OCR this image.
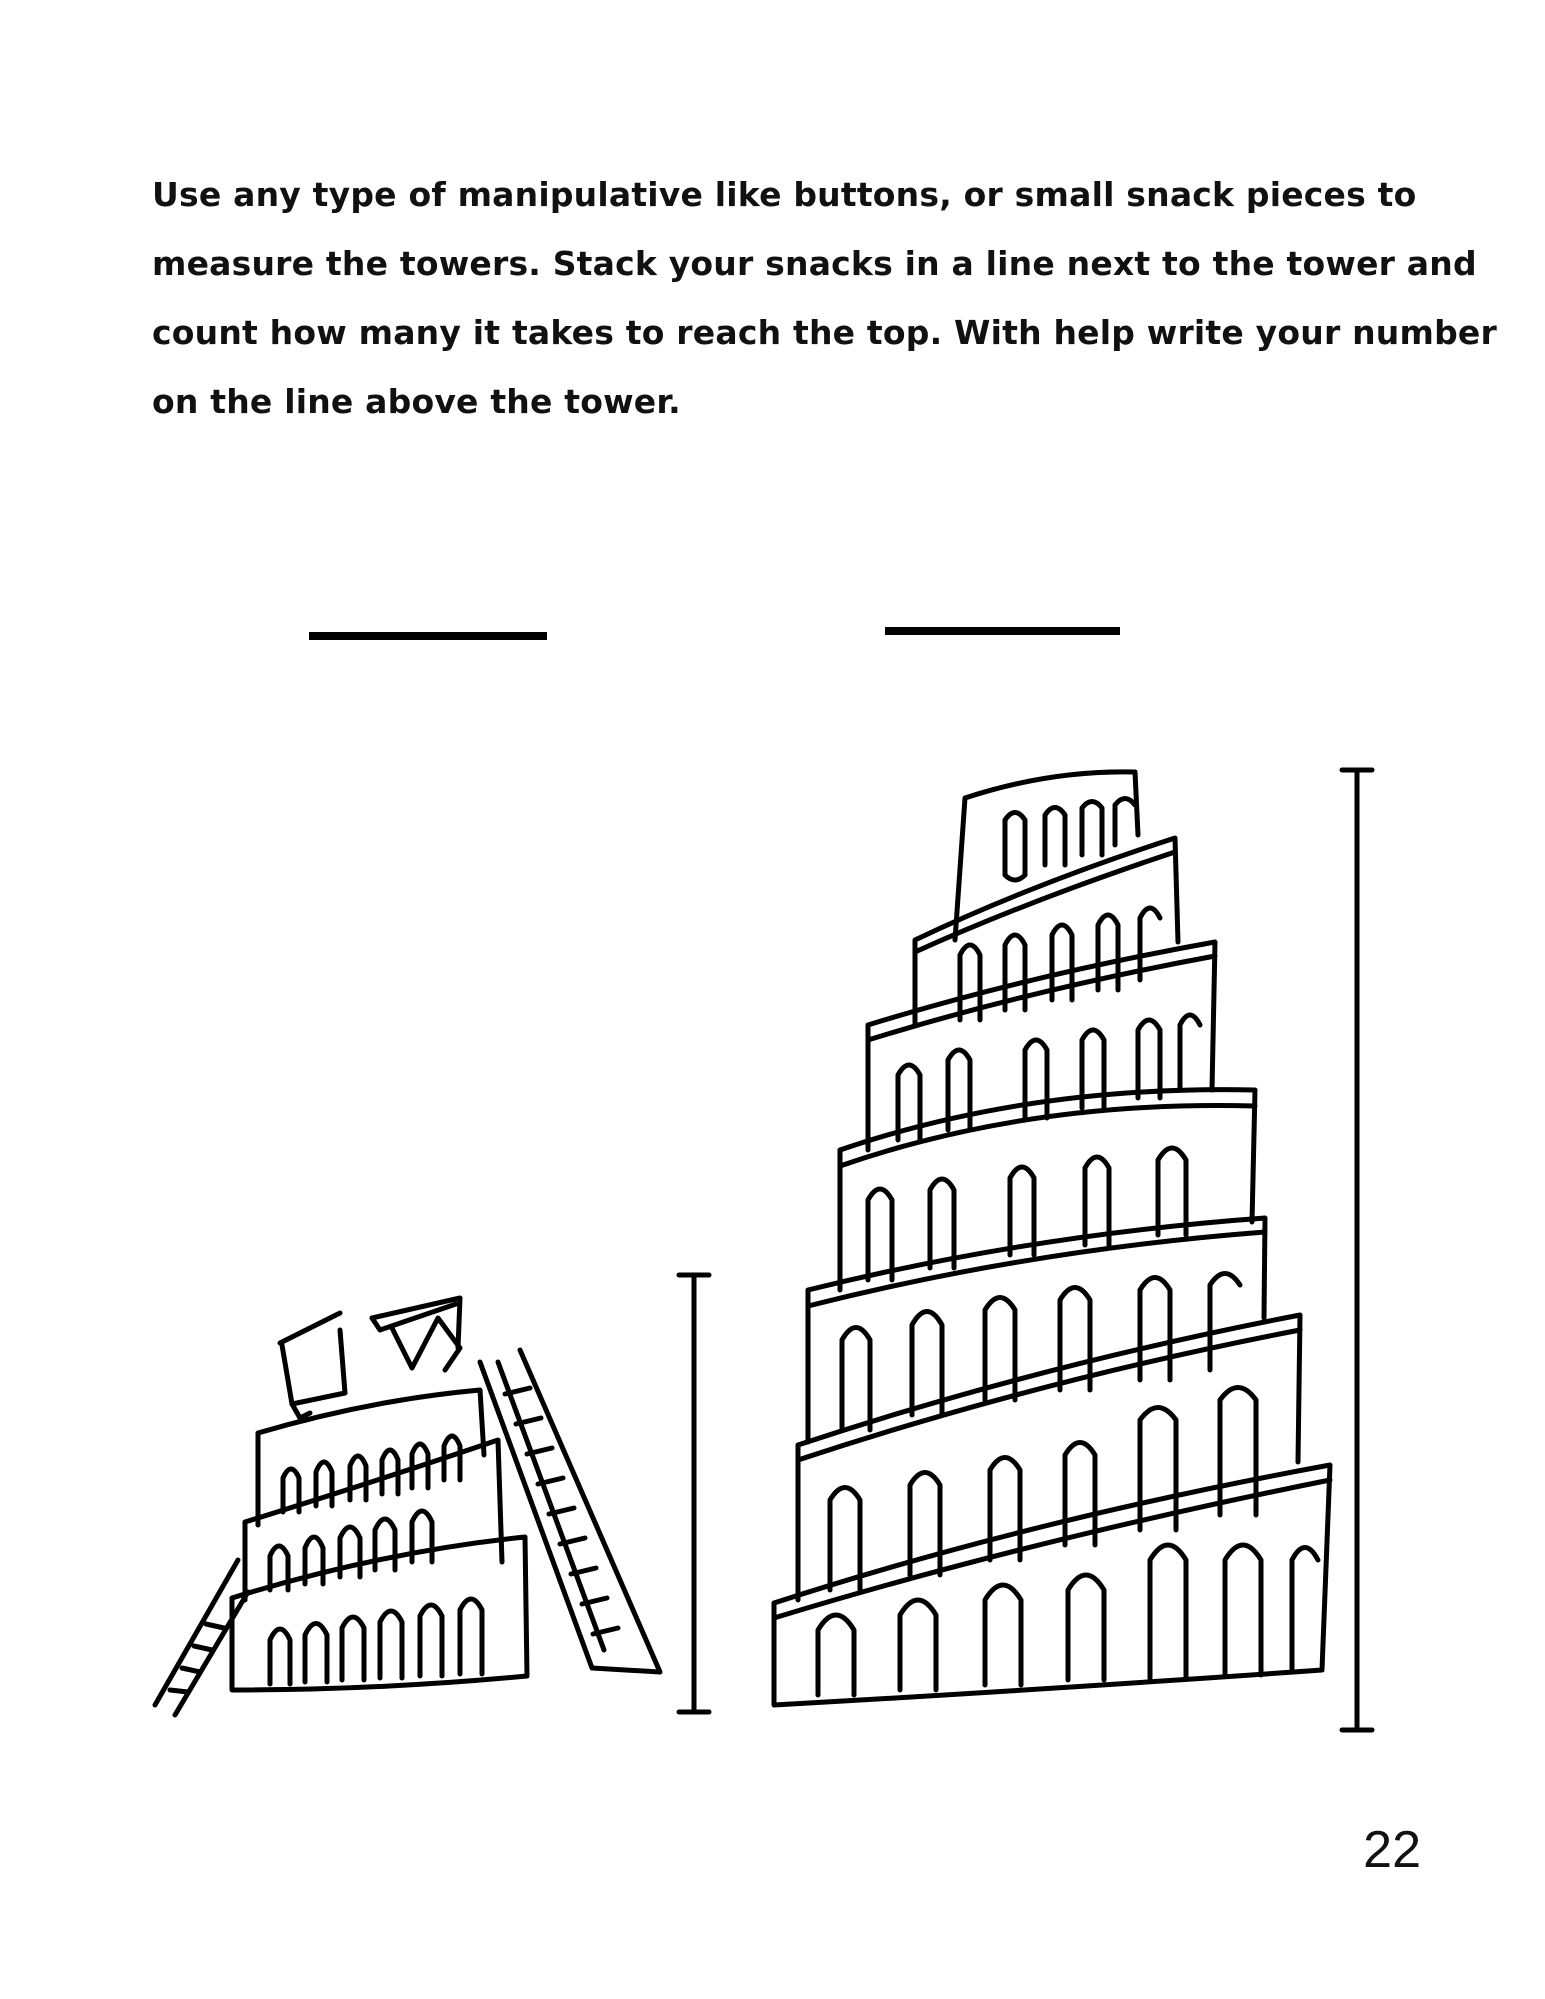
Use any type of manipulative like buttons, or small snack pieces to
measure the towers. Stack your snacks in a line next to the tower and
count how many it takes to reach the top. With help write your number
on the line above the tower.
22
